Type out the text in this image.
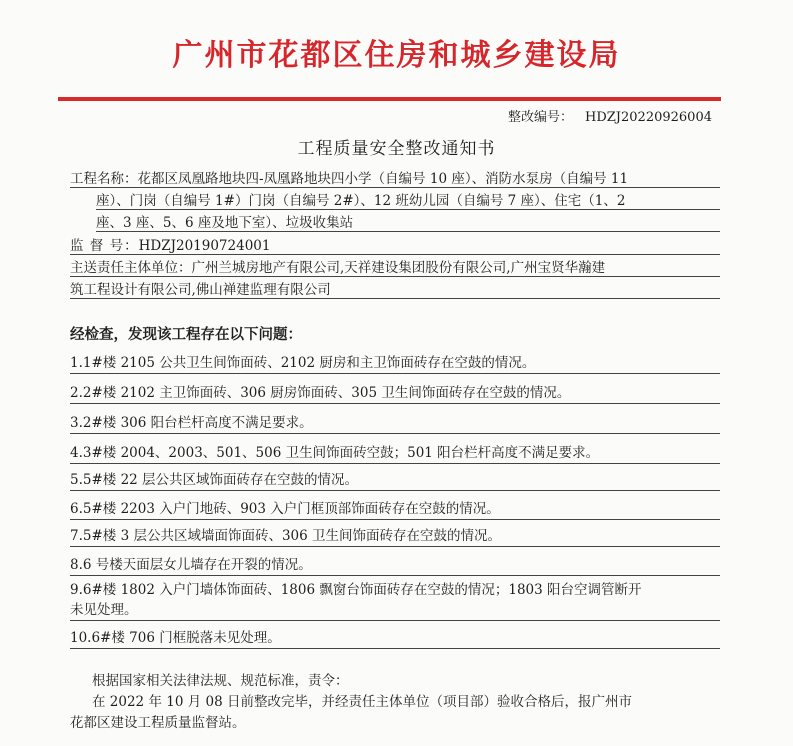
广州市花都区住房和城乡建设局
整改编号： HDZJ20220926004
工程质量安全整改通知书
工程名称：花都区凤凰路地块四-凤凰路地块四小学（自编号 10 座）、消防水泵房（自编号 11
座）、门岗（自编号 1#）门岗（自编号 2#）、12 班幼儿园（自编号 7 座）、住宅（1、2
座、3 座、5、6 座及地下室）、垃圾收集站
监 督 号：HDZJ20190724001
主送责任主体单位：广州兰城房地产有限公司,天祥建设集团股份有限公司,广州宝贤华瀚建
筑工程设计有限公司,佛山禅建监理有限公司
经检查，发现该工程存在以下问题：
1.1#楼 2105 公共卫生间饰面砖、2102 厨房和主卫饰面砖存在空鼓的情况。
2.2#楼 2102 主卫饰面砖、306 厨房饰面砖、305 卫生间饰面砖存在空鼓的情况。
3.2#楼 306 阳台栏杆高度不满足要求。
4.3#楼 2004、2003、501、506 卫生间饰面砖空鼓；501 阳台栏杆高度不满足要求。
5.5#楼 22 层公共区域饰面砖存在空鼓的情况。
6.5#楼 2203 入户门地砖、903 入户门框顶部饰面砖存在空鼓的情况。
7.5#楼 3 层公共区域墙面饰面砖、306 卫生间饰面砖存在空鼓的情况。
8.6 号楼天面层女儿墙存在开裂的情况。
9.6#楼 1802 入户门墙体饰面砖、1806 飘窗台饰面砖存在空鼓的情况；1803 阳台空调管断开
未见处理。
10.6#楼 706 门框脱落未见处理。
根据国家相关法律法规、规范标准，责令：
在 2022 年 10 月 08 日前整改完毕，并经责任主体单位（项目部）验收合格后，报广州市
花都区建设工程质量监督站。
